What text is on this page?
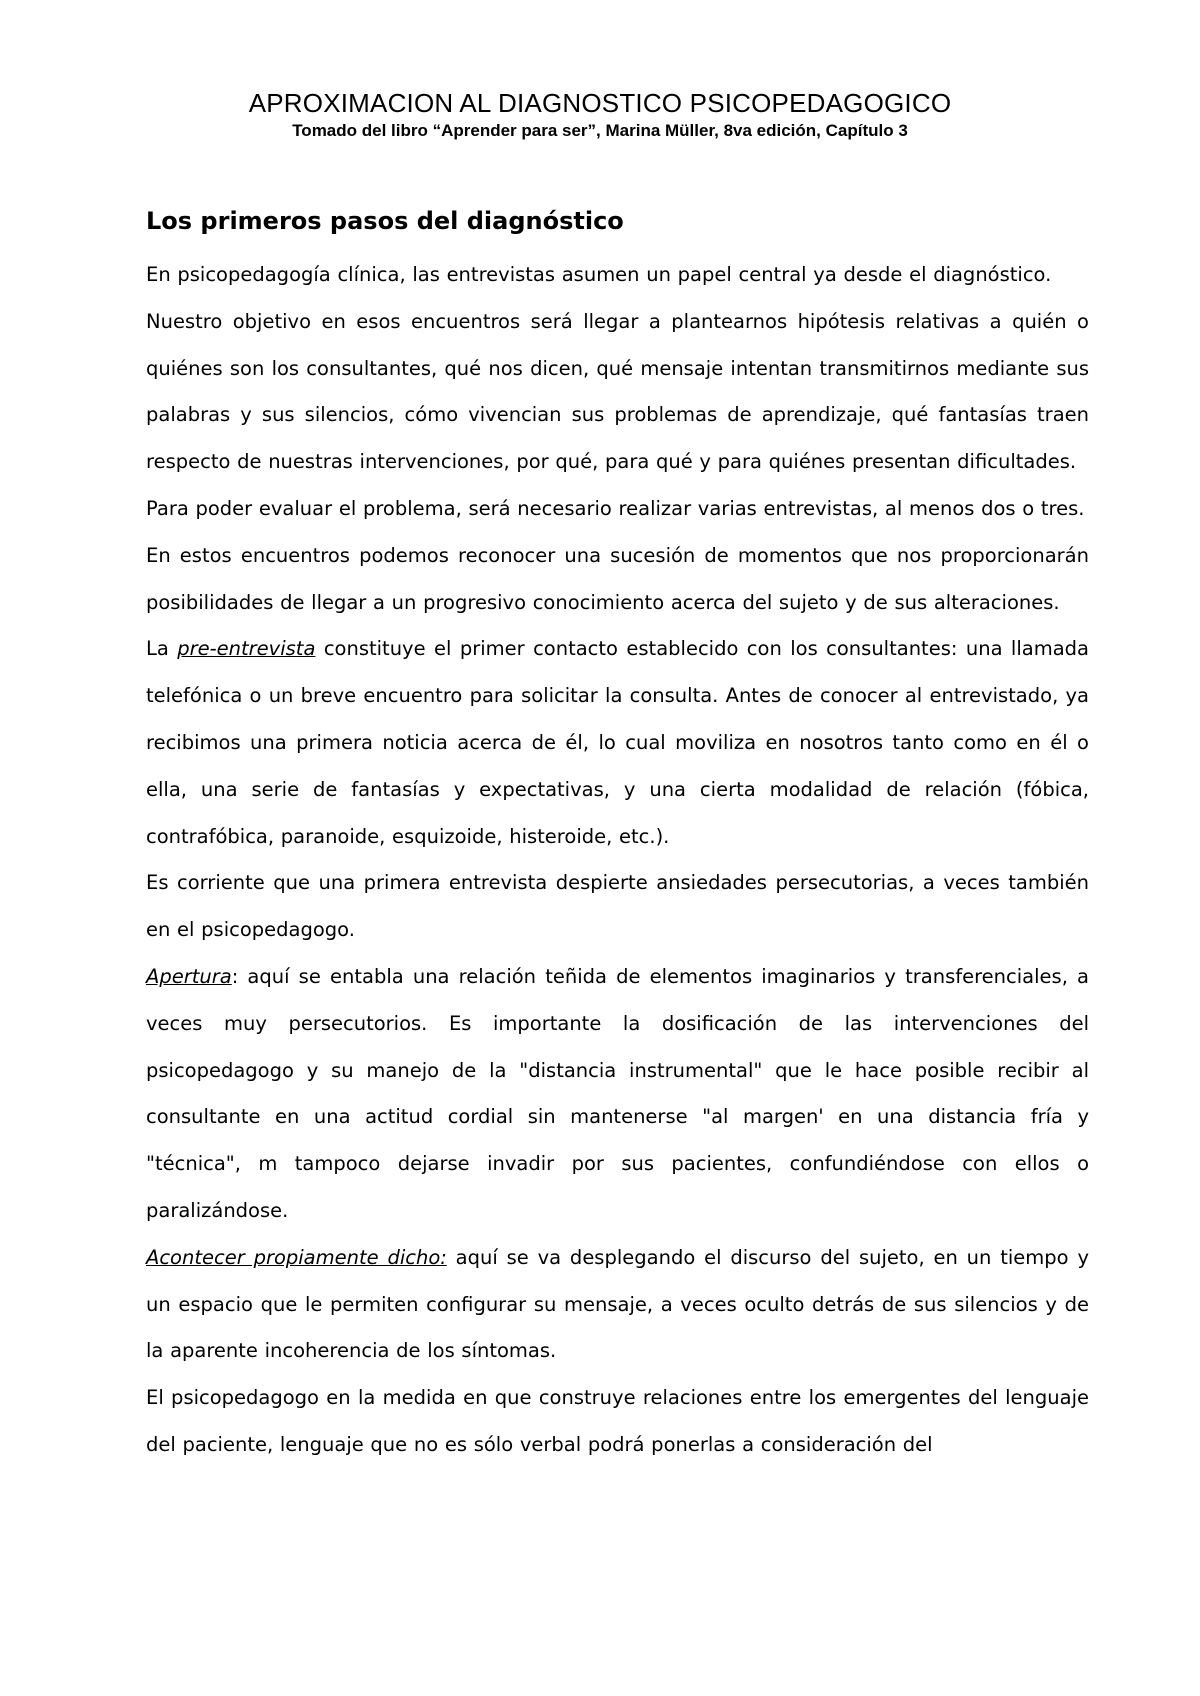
APROXIMACION AL DIAGNOSTICO PSICOPEDAGOGICO
Tomado del libro “Aprender para ser”, Marina Müller, 8va edición, Capítulo 3
Los primeros pasos del diagnóstico

En psicopedagogía clínica, las entrevistas asumen un papel central ya desde el diagnóstico.

Nuestro objetivo en esos encuentros será llegar a plantearnos hipótesis relativas a quién o quiénes son los consultantes, qué nos dicen, qué mensaje intentan transmitirnos mediante sus palabras y sus silencios, cómo vivencian sus problemas de aprendizaje, qué fantasías traen respecto de nuestras intervenciones, por qué, para qué y para quiénes presentan dificultades.

Para poder evaluar el problema, será necesario realizar varias entrevistas, al menos dos o tres.

En estos encuentros podemos reconocer una sucesión de momentos que nos proporcionarán posibilidades de llegar a un progresivo conocimiento acerca del sujeto y de sus alteraciones.

La pre-entrevista constituye el primer contacto establecido con los consultantes: una llamada telefónica o un breve encuentro para solicitar la consulta. Antes de conocer al entrevistado, ya recibimos una primera noticia acerca de él, lo cual moviliza en nosotros tanto como en él o ella, una serie de fantasías y expectativas, y una cierta modalidad de relación (fóbica, contrafóbica, paranoide, esquizoide, histeroide, etc.).

Es corriente que una primera entrevista despierte ansiedades persecutorias, a veces también en el psicopedagogo.

Apertura: aquí se entabla una relación teñida de elementos imaginarios y transferenciales, a veces muy persecutorios. Es importante la dosificación de las intervenciones del psicopedagogo y su manejo de la "distancia instrumental" que le hace posible recibir al consultante en una actitud cordial sin mantenerse "al margen' en una distancia fría y "técnica", m tampoco dejarse invadir por sus pacientes, confundiéndose con ellos o paralizándose.

Acontecer propiamente dicho: aquí se va desplegando el discurso del sujeto, en un tiempo y un espacio que le permiten configurar su mensaje, a veces oculto detrás de sus silencios y de la aparente incoherencia de los síntomas.

El psicopedagogo en la medida en que construye relaciones entre los emergentes del lenguaje del paciente, lenguaje que no es sólo verbal podrá ponerlas a consideración del
